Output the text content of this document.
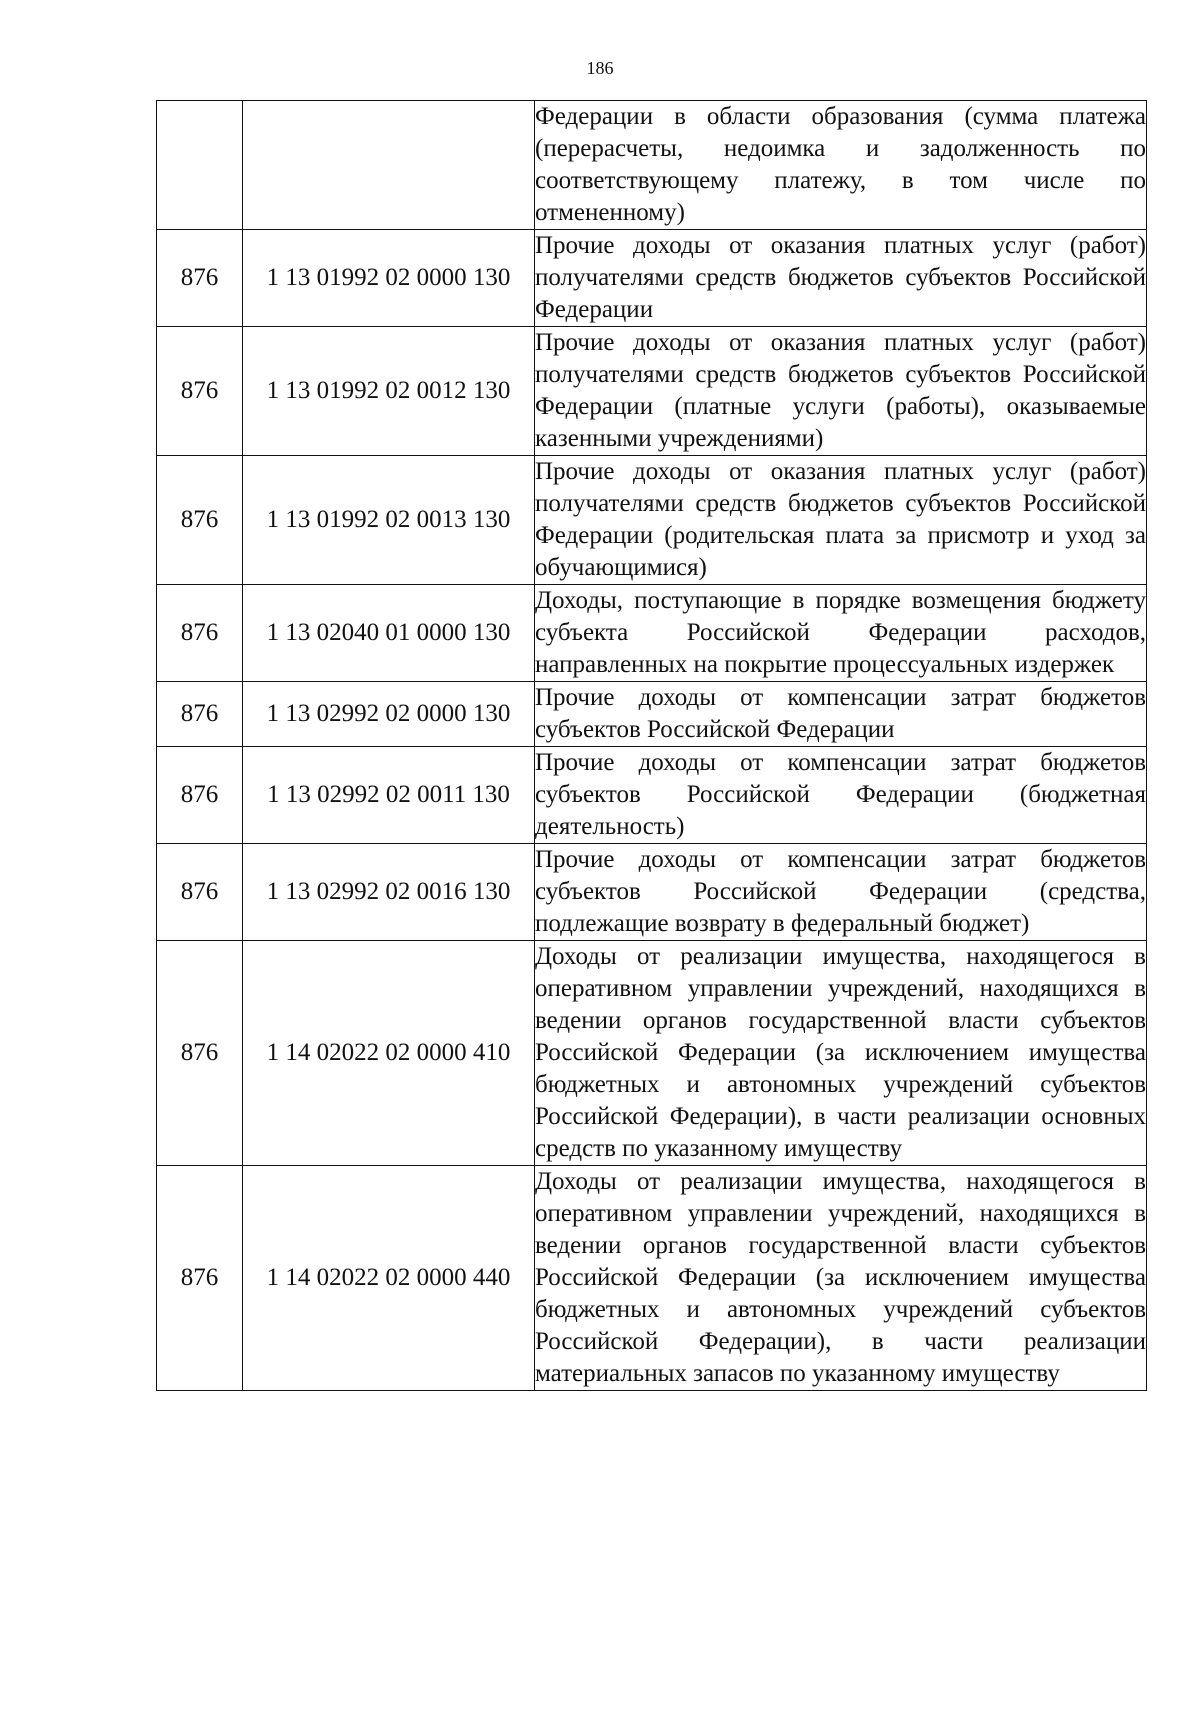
186
		Федерации в области образования (сумма платежа (перерасчеты, недоимка и задолженность по соответствующему платежу, в том числе по отмененному)
876	1 13 01992 02 0000 130	Прочие доходы от оказания платных услуг (работ) получателями средств бюджетов субъектов Российской Федерации
876	1 13 01992 02 0012 130	Прочие доходы от оказания платных услуг (работ) получателями средств бюджетов субъектов Российской Федерации (платные услуги (работы), оказываемые казенными учреждениями)
876	1 13 01992 02 0013 130	Прочие доходы от оказания платных услуг (работ) получателями средств бюджетов субъектов Российской Федерации (родительская плата за присмотр и уход за обучающимися)
876	1 13 02040 01 0000 130	Доходы, поступающие в порядке возмещения бюджету субъекта Российской Федерации расходов, направленных на покрытие процессуальных издержек
876	1 13 02992 02 0000 130	Прочие доходы от компенсации затрат бюджетов субъектов Российской Федерации
876	1 13 02992 02 0011 130	Прочие доходы от компенсации затрат бюджетов субъектов Российской Федерации (бюджетная деятельность)
876	1 13 02992 02 0016 130	Прочие доходы от компенсации затрат бюджетов субъектов Российской Федерации (средства, подлежащие возврату в федеральный бюджет)
876	1 14 02022 02 0000 410	Доходы от реализации имущества, находящегося в оперативном управлении учреждений, находящихся в ведении органов государственной власти субъектов Российской Федерации (за исключением имущества бюджетных и автономных учреждений субъектов Российской Федерации), в части реализации основных средств по указанному имуществу
876	1 14 02022 02 0000 440	Доходы от реализации имущества, находящегося в оперативном управлении учреждений, находящихся в ведении органов государственной власти субъектов Российской Федерации (за исключением имущества бюджетных и автономных учреждений субъектов Российской Федерации), в части реализации материальных запасов по указанному имуществу
